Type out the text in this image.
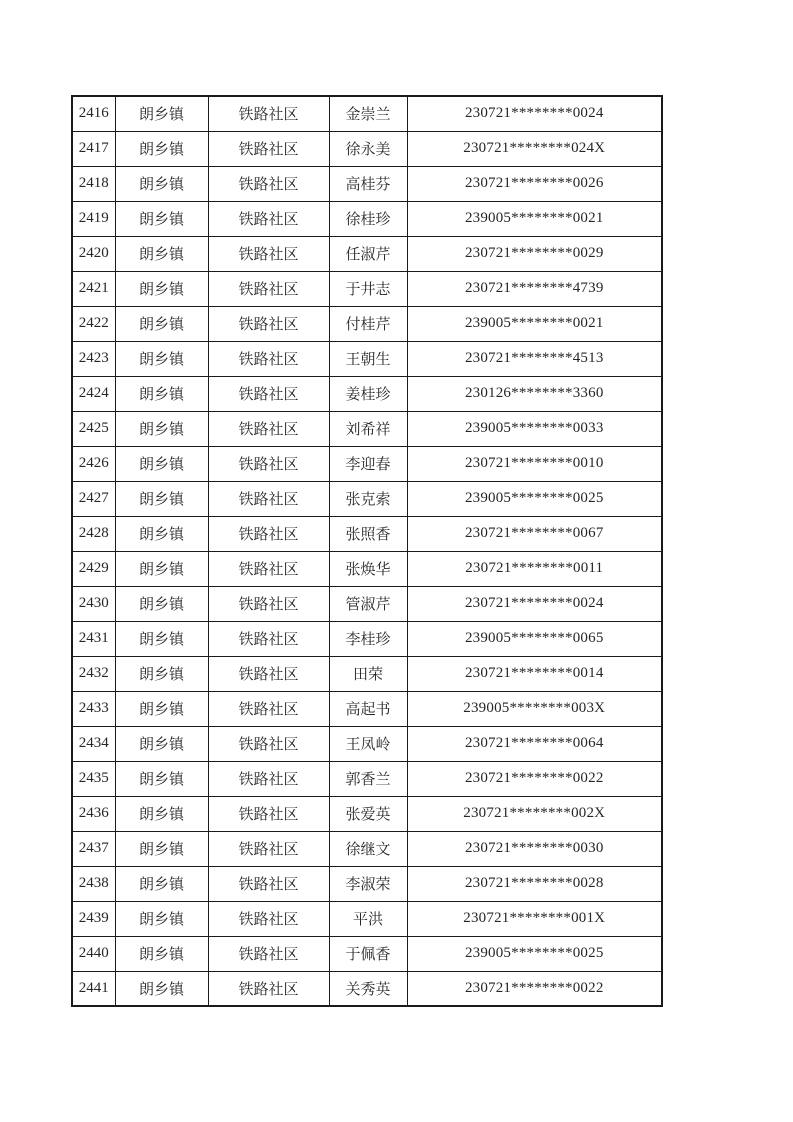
2416	朗乡镇	铁路社区	金崇兰	230721********0024
2417	朗乡镇	铁路社区	徐永美	230721********024X
2418	朗乡镇	铁路社区	高桂芬	230721********0026
2419	朗乡镇	铁路社区	徐桂珍	239005********0021
2420	朗乡镇	铁路社区	任淑芹	230721********0029
2421	朗乡镇	铁路社区	于井志	230721********4739
2422	朗乡镇	铁路社区	付桂芹	239005********0021
2423	朗乡镇	铁路社区	王朝生	230721********4513
2424	朗乡镇	铁路社区	姜桂珍	230126********3360
2425	朗乡镇	铁路社区	刘希祥	239005********0033
2426	朗乡镇	铁路社区	李迎春	230721********0010
2427	朗乡镇	铁路社区	张克索	239005********0025
2428	朗乡镇	铁路社区	张照香	230721********0067
2429	朗乡镇	铁路社区	张焕华	230721********0011
2430	朗乡镇	铁路社区	管淑芹	230721********0024
2431	朗乡镇	铁路社区	李桂珍	239005********0065
2432	朗乡镇	铁路社区	田荣	230721********0014
2433	朗乡镇	铁路社区	高起书	239005********003X
2434	朗乡镇	铁路社区	王凤岭	230721********0064
2435	朗乡镇	铁路社区	郭香兰	230721********0022
2436	朗乡镇	铁路社区	张爱英	230721********002X
2437	朗乡镇	铁路社区	徐继文	230721********0030
2438	朗乡镇	铁路社区	李淑荣	230721********0028
2439	朗乡镇	铁路社区	平洪	230721********001X
2440	朗乡镇	铁路社区	于佩香	239005********0025
2441	朗乡镇	铁路社区	关秀英	230721********0022
